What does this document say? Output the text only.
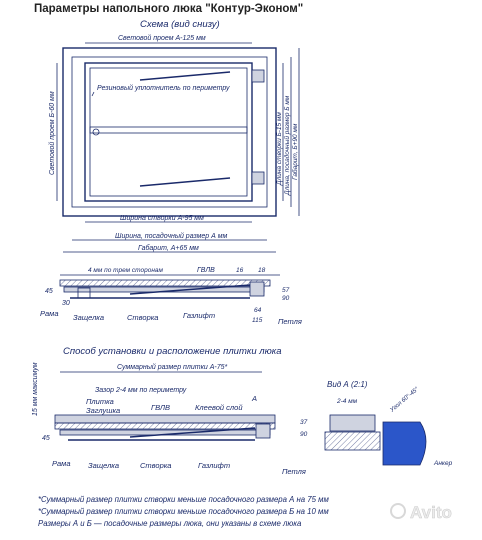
Параметры напольного люка "Контур-Эконом"
Схема (вид снизу)
Световой проем А-125 мм
Резиновый уплотнитель по периметру
Световой проем Б-60 мм	Длина створки Б-15 мм Длина, посадочный размер Б мм Габарит, Б+90 мм
Ширина створки А-95 мм
Ширина, посадочный размер А мм
Габарит, А+65 мм
4 мм по трем сторонам	ГВЛВ
45
30
16 18
57
90
64
115
Рама Защелка	Створка	Газлифт
Петля
Способ установки и расположение плитки люка
Суммарный размер плитки А-75*
Зазор 2-4 мм по периметру
15 мм максимум	Плитка
Заглушка	ГВЛВ	Клеевой слой
А
45
37
90
Рама Защелка	Створка	Газлифт
Петля
Вид А (2:1)
2-4 мм	Угол 60°-45°
Анкер
*Суммарный размер плитки створки меньше посадочного размера А на 75 мм
*Суммарный размер плитки створки меньше посадочного размера Б на 10 мм
Размеры А и Б — посадочные размеры люка, они указаны в схеме люка
Avito
